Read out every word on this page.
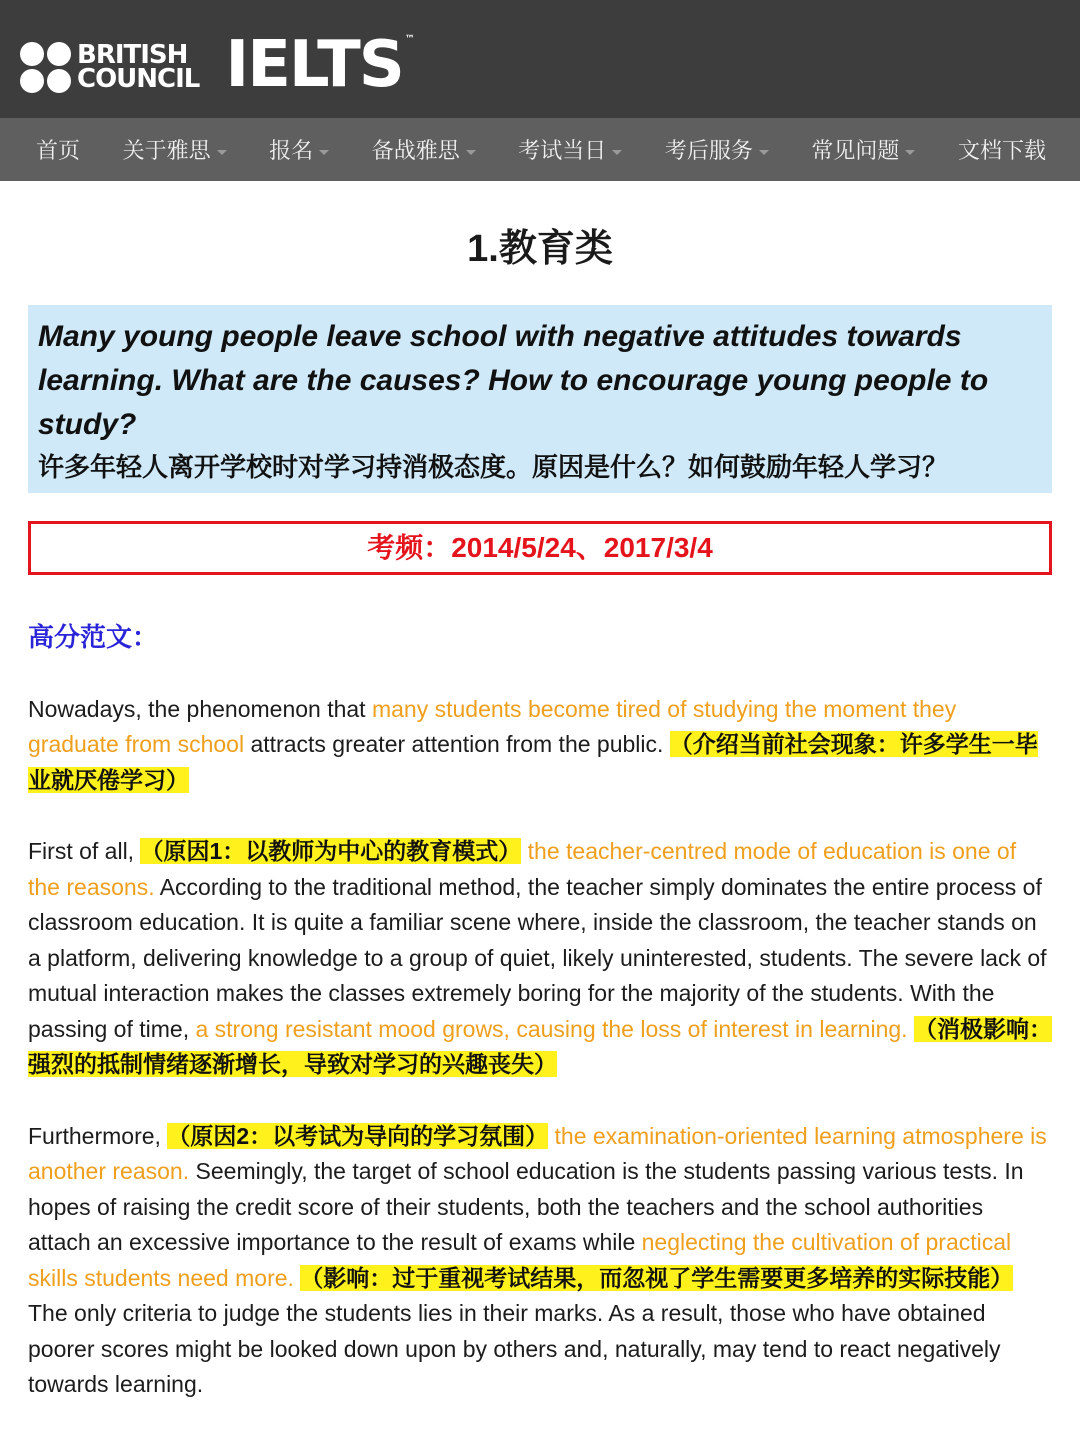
BRITISH
COUNCIL IELTS ™
首页 关于雅思	报名	备战雅思	考试当日	考后服务	常见问题	文档下载
1.教育类
Many young people leave school with negative attitudes towards learning. What are the causes? How to encourage young people to study?
许多年轻人离开学校时对学习持消极态度。原因是什么？如何鼓励年轻人学习？
考频：2014/5/24、2017/3/4
高分范文：

Nowadays, the phenomenon that many students become tired of studying the moment they graduate from school attracts greater attention from the public. （介绍当前社会现象：许多学生一毕业就厌倦学习）

First of all, （原因1：以教师为中心的教育模式） the teacher-centred mode of education is one of the reasons. According to the traditional method, the teacher simply dominates the entire process of classroom education. It is quite a familiar scene where, inside the classroom, the teacher stands on a platform, delivering knowledge to a group of quiet, likely uninterested, students. The severe lack of mutual interaction makes the classes extremely boring for the majority of the students. With the passing of time, a strong resistant mood grows, causing the loss of interest in learning. （消极影响：强烈的抵制情绪逐渐增长，导致对学习的兴趣丧失）

Furthermore, （原因2：以考试为导向的学习氛围） the examination-oriented learning atmosphere is another reason. Seemingly, the target of school education is the students passing various tests. In hopes of raising the credit score of their students, both the teachers and the school authorities attach an excessive importance to the result of exams while neglecting the cultivation of practical skills students need more. （影响：过于重视考试结果，而忽视了学生需要更多培养的实际技能） The only criteria to judge the students lies in their marks. As a result, those who have obtained poorer scores might be looked down upon by others and, naturally, may tend to react negatively towards learning.
